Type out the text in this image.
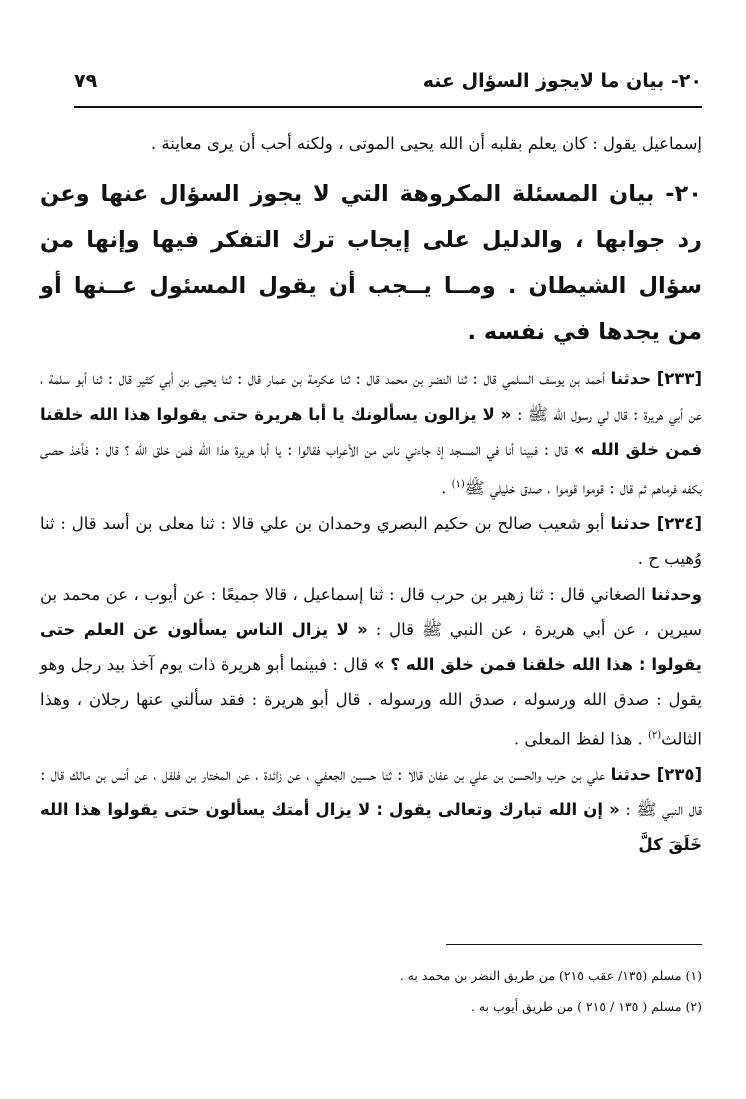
٢٠- بيان ما لايجوز السؤال عنه
٧٩

إسماعيل يقول : كان يعلم بقلبه أن الله يحيى الموتى ، ولكنه أحب أن يرى معاينة .

٢٠- بيان المسئلة المكروهة التي لا يجوز السؤال عنها وعن رد جوابها ، والدليل على إيجاب ترك التفكر فيها وإنها من سؤال الشيطان . ومــا يــجب أن يقول المسئول عــنها أو من يجدها في نفسه .

[٢٣٣] حدثنا أحمد بن يوسف السلمي قال : ثنا النضر بن محمد قال : ثنا عكرمة بن عمار قال : ثنا يحيى بن أبي كثير قال : ثنا أبو سلمة ، عن أبي هريرة : قال لي رسول الله ﷺ : « لا يزالون يسألونك يا أبا هريرة حتى يقولوا هذا الله خلقنا فمن خلق الله » قال : فبينا أنا في المسجد إذ جاءني ناس من الأعراب فقالوا : يا أبا هريرة هذا الله فمن خلق الله ؟ قال : فأخذ حصى بكفه فرماهم ثم قال : قوموا قوموا ، صدق خليلي ﷺ$^{(١)}$ .

[٢٣٤] حدثنا أبو شعيب صالح بن حكيم البصري وحمدان بن علي قالا : ثنا معلى بن أسد قال : ثنا وُهيب ح .

وحدثنا الصغاني قال : ثنا زهير بن حرب قال : ثنا إسماعيل ، قالا جميعًا : عن أيوب ، عن محمد بن سيرين ، عن أبي هريرة ، عن النبي ﷺ قال : « لا يزال الناس يسألون عن العلم حتى يقولوا : هذا الله خلقنا فمن خلق الله ؟ » قال : فبينما أبو هريرة ذات يوم آخذ بيد رجل وهو يقول : صدق الله ورسوله ، صدق الله ورسوله . قال أبو هريرة : فقد سألني عنها رجلان ، وهذا الثالث$^{(٢)}$ . هذا لفظ المعلى .

[٢٣٥] حدثنا علي بن حرب والحسن بن علي بن عفان قالا : ثنا حسين الجعفي ، عن زائدة ، عن المختار بن فلفل ، عن أنس بن مالك قال : قال النبي ﷺ : « إن الله تبارك وتعالى يقول : لا يزال أمتك يسألون حتى يقولوا هذا الله خَلَقَ كلَّ

(١) مسلم (١٣٥/ عقب ٢١٥) من طريق النضر بن محمد به .

(٢) مسلم ( ١٣٥ / ٢١٥ ) من طريق أيوب به .
